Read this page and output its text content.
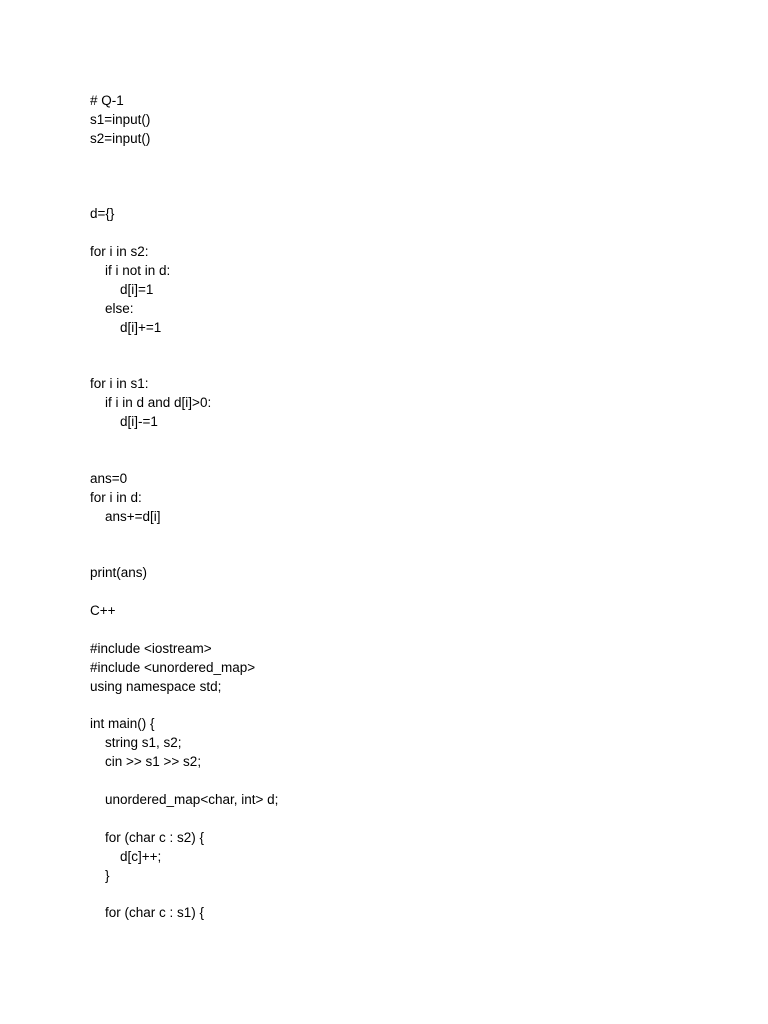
# Q-1
s1=input()
s2=input()
d={}
for i in s2:
if i not in d:
d[i]=1
else:
d[i]+=1
for i in s1:
if i in d and d[i]>0:
d[i]-=1
ans=0
for i in d:
ans+=d[i]
print(ans)
C++
#include <iostream>
#include <unordered_map>
using namespace std;
int main() {
string s1, s2;
cin >> s1 >> s2;
unordered_map<char, int> d;
for (char c : s2) {
d[c]++;
}
for (char c : s1) {
